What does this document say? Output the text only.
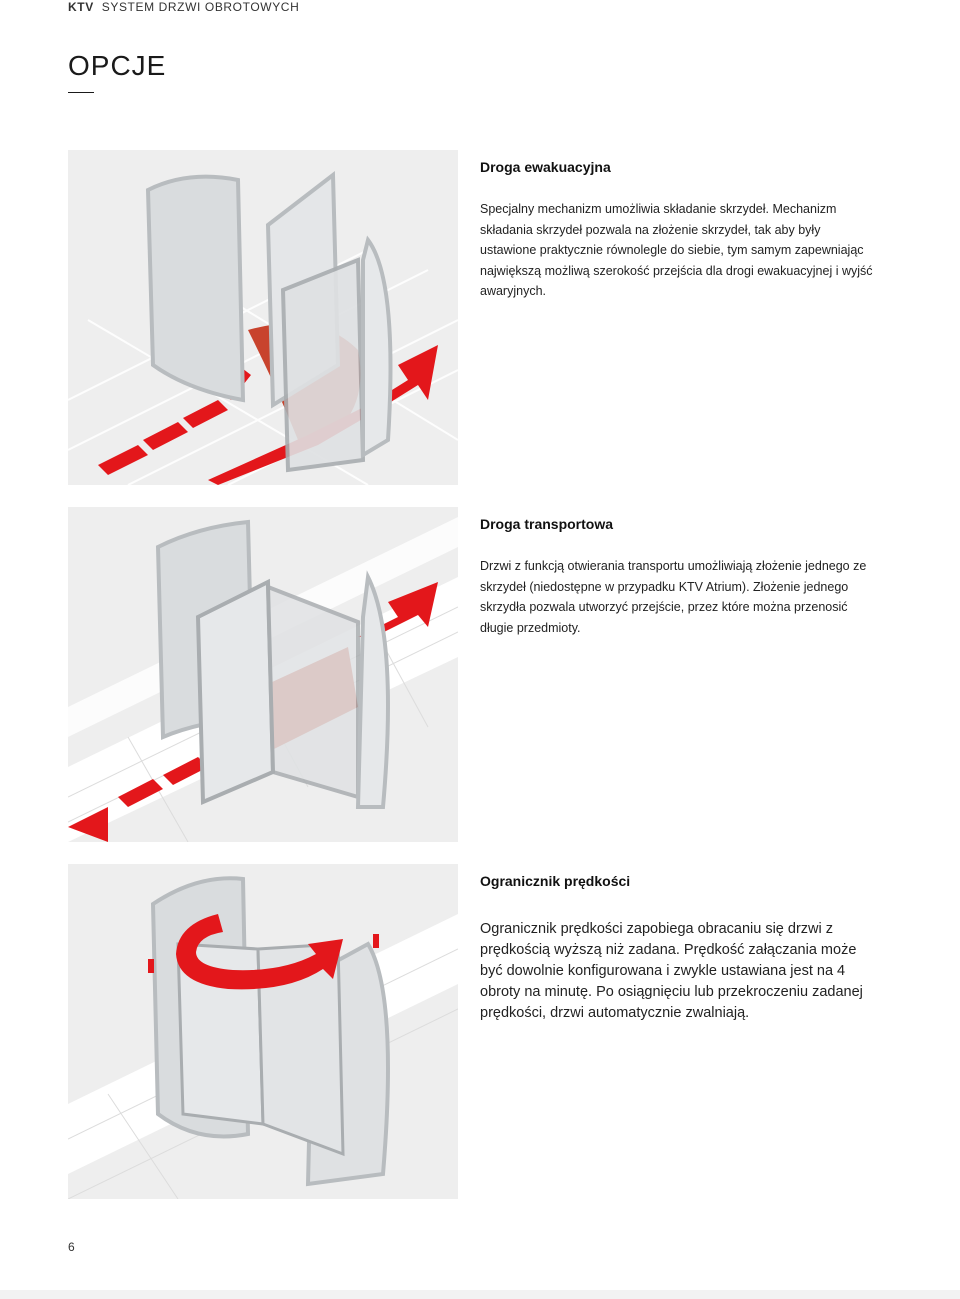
KTV SYSTEM DRZWI OBROTOWYCH
OPCJE
Droga ewakuacyjna

Specjalny mechanizm umożliwia składanie skrzydeł. Mechanizm składania skrzydeł pozwala na złożenie skrzydeł, tak aby były ustawione praktycznie równolegle do siebie, tym samym zapewniając największą możliwą szerokość przejścia dla drogi ewakuacyjnej i wyjść awaryjnych.

Droga transportowa

Drzwi z funkcją otwierania transportu umożliwiają złożenie jednego ze skrzydeł (niedostępne w przypadku KTV Atrium). Złożenie jednego skrzydła pozwala utworzyć przejście, przez które można przenosić długie przedmioty.

Ogranicznik prędkości

Ogranicznik prędkości zapobiega obracaniu się drzwi z prędkością wyższą niż zadana. Prędkość załączania może być dowolnie konfigurowana i zwykle ustawiana jest na 4 obroty na minutę. Po osiągnięciu lub przekroczeniu zadanej prędkości, drzwi automatycznie zwalniają.

6
